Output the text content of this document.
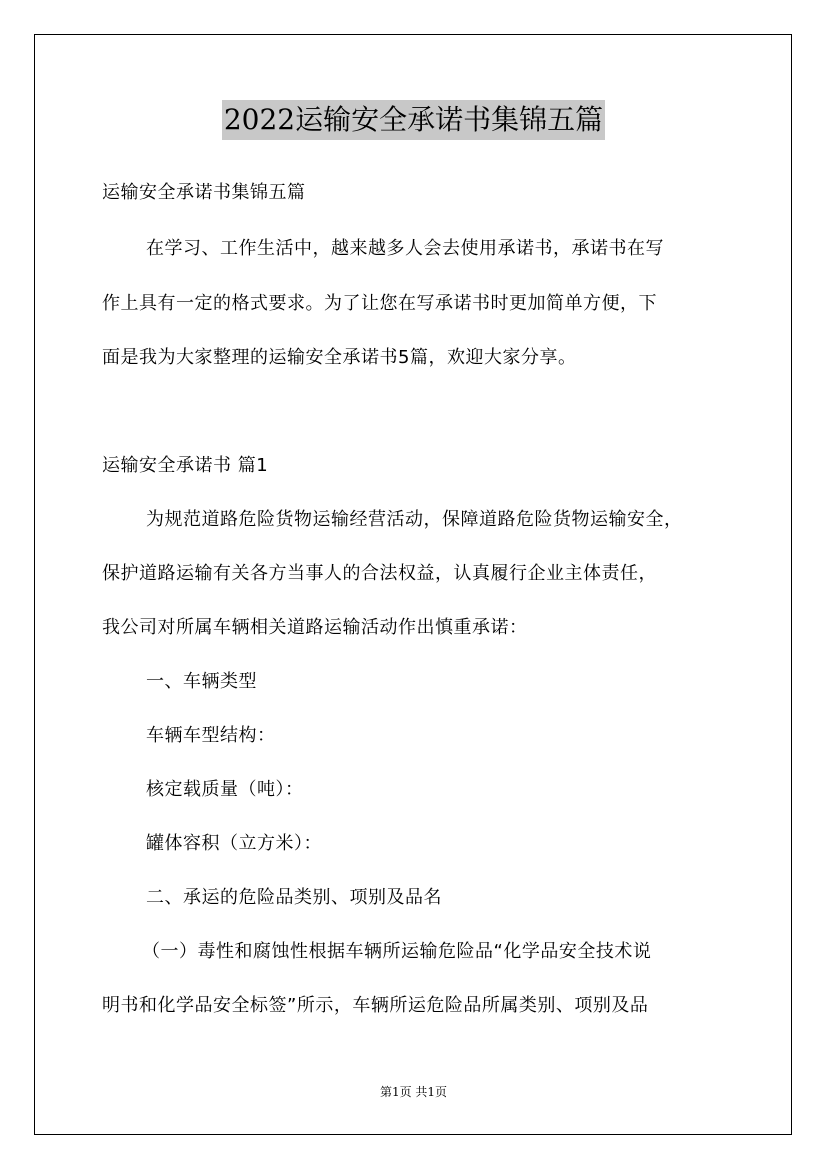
2022运输安全承诺书集锦五篇
运输安全承诺书集锦五篇
在学习、工作生活中，越来越多人会去使用承诺书，承诺书在写
作上具有一定的格式要求。为了让您在写承诺书时更加简单方便，下
面是我为大家整理的运输安全承诺书5篇，欢迎大家分享。
运输安全承诺书 篇1
为规范道路危险货物运输经营活动，保障道路危险货物运输安全，
保护道路运输有关各方当事人的合法权益，认真履行企业主体责任，
我公司对所属车辆相关道路运输活动作出慎重承诺：
一、车辆类型
车辆车型结构：
核定载质量（吨）：
罐体容积（立方米）：
二、承运的危险品类别、项别及品名
（一）毒性和腐蚀性根据车辆所运输危险品“化学品安全技术说
明书和化学品安全标签”所示，车辆所运危险品所属类别、项别及品
第1页 共1页
